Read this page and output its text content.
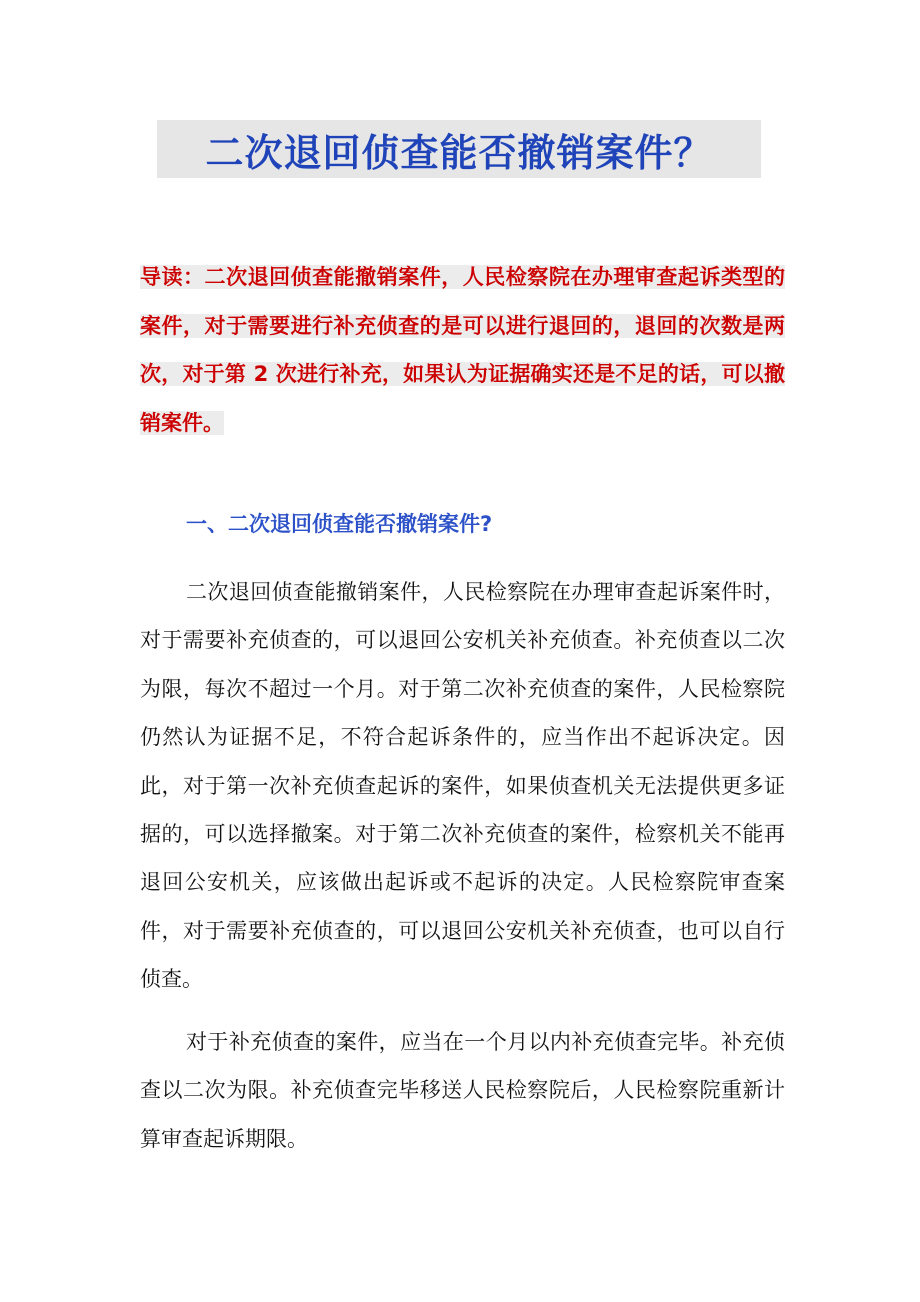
二次退回侦查能否撤销案件？

导读：二次退回侦查能撤销案件，人民检察院在办理审查起诉类型的案件，对于需要进行补充侦查的是可以进行退回的，退回的次数是两次，对于第 2 次进行补充，如果认为证据确实还是不足的话，可以撤销案件。

一、二次退回侦查能否撤销案件?

二次退回侦查能撤销案件，人民检察院在办理审查起诉案件时，对于需要补充侦查的，可以退回公安机关补充侦查。补充侦查以二次为限，每次不超过一个月。对于第二次补充侦查的案件，人民检察院仍然认为证据不足，不符合起诉条件的，应当作出不起诉决定。因此，对于第一次补充侦查起诉的案件，如果侦查机关无法提供更多证据的，可以选择撤案。对于第二次补充侦查的案件，检察机关不能再退回公安机关，应该做出起诉或不起诉的决定。人民检察院审查案件，对于需要补充侦查的，可以退回公安机关补充侦查，也可以自行侦查。

对于补充侦查的案件，应当在一个月以内补充侦查完毕。补充侦查以二次为限。补充侦查完毕移送人民检察院后，人民检察院重新计算审查起诉期限。
